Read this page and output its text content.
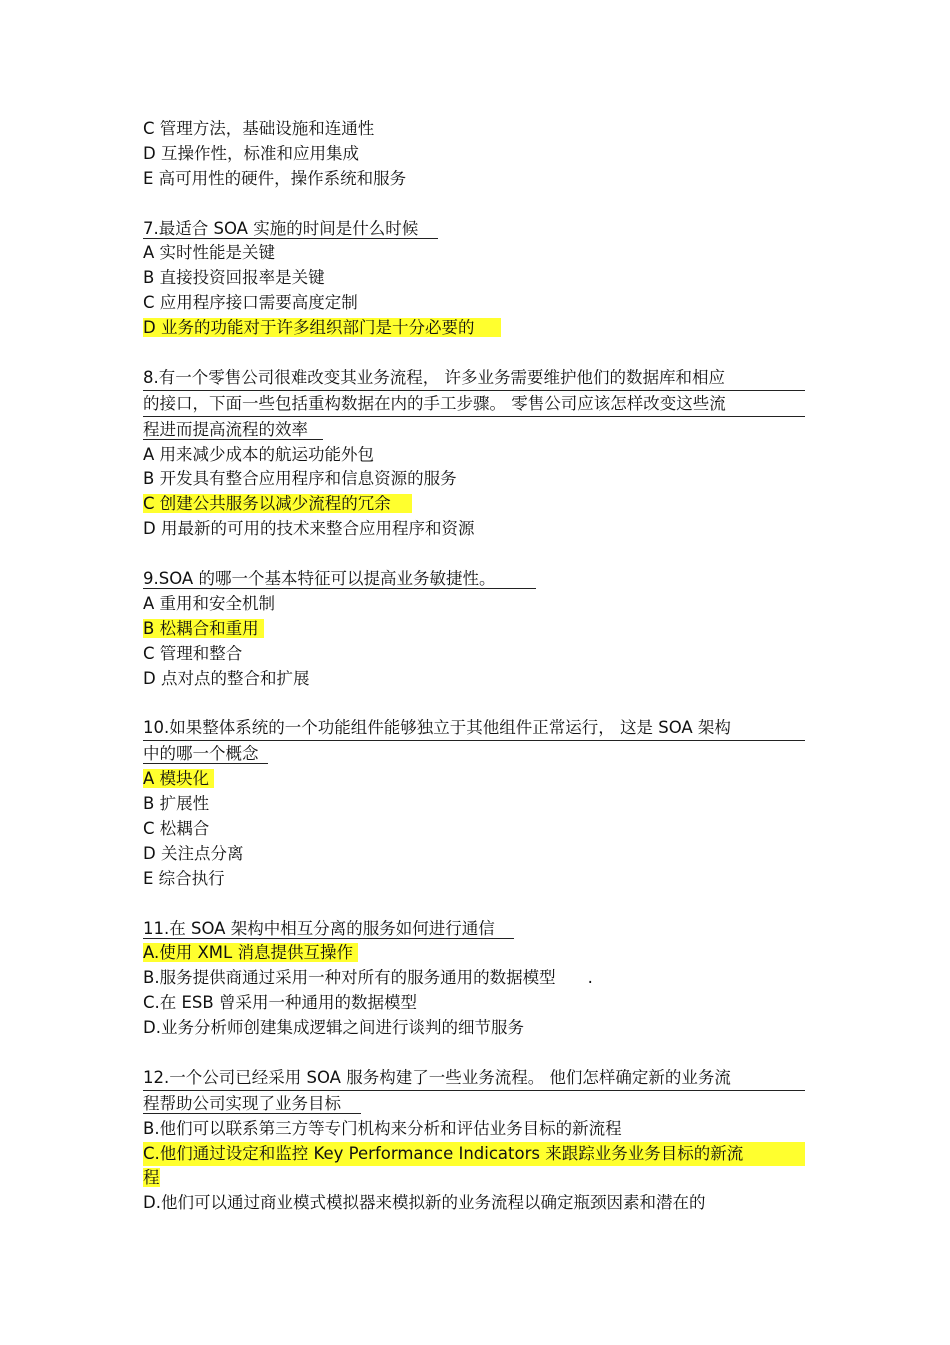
C 管理方法，基础设施和连通性
D 互操作性，标准和应用集成
E 高可用性的硬件，操作系统和服务
7.最适合 SOA 实施的时间是什么时候
A 实时性能是关键
B 直接投资回报率是关键
C 应用程序接口需要高度定制
D 业务的功能对于许多组织部门是十分必要的
8.有一个零售公司很难改变其业务流程， 许多业务需要维护他们的数据库和相应
的接口，下面一些包括重构数据在内的手工步骤。 零售公司应该怎样改变这些流
程进而提高流程的效率
A 用来减少成本的航运功能外包
B 开发具有整合应用程序和信息资源的服务
C 创建公共服务以减少流程的冗余
D 用最新的可用的技术来整合应用程序和资源
9.SOA 的哪一个基本特征可以提高业务敏捷性。
A 重用和安全机制
B 松耦合和重用
C 管理和整合
D 点对点的整合和扩展
10.如果整体系统的一个功能组件能够独立于其他组件正常运行， 这是 SOA 架构
中的哪一个概念
A 模块化
B 扩展性
C 松耦合
D 关注点分离
E 综合执行
11.在 SOA 架构中相互分离的服务如何进行通信
A.使用 XML 消息提供互操作
B.服务提供商通过采用一种对所有的服务通用的数据模型 .
C.在 ESB 曾采用一种通用的数据模型
D.业务分析师创建集成逻辑之间进行谈判的细节服务
12.一个公司已经采用 SOA 服务构建了一些业务流程。 他们怎样确定新的业务流
程帮助公司实现了业务目标
B.他们可以联系第三方等专门机构来分析和评估业务目标的新流程
C.他们通过设定和监控 Key Performance Indicators 来跟踪业务业务目标的新流
程
D.他们可以通过商业模式模拟器来模拟新的业务流程以确定瓶颈因素和潜在的
